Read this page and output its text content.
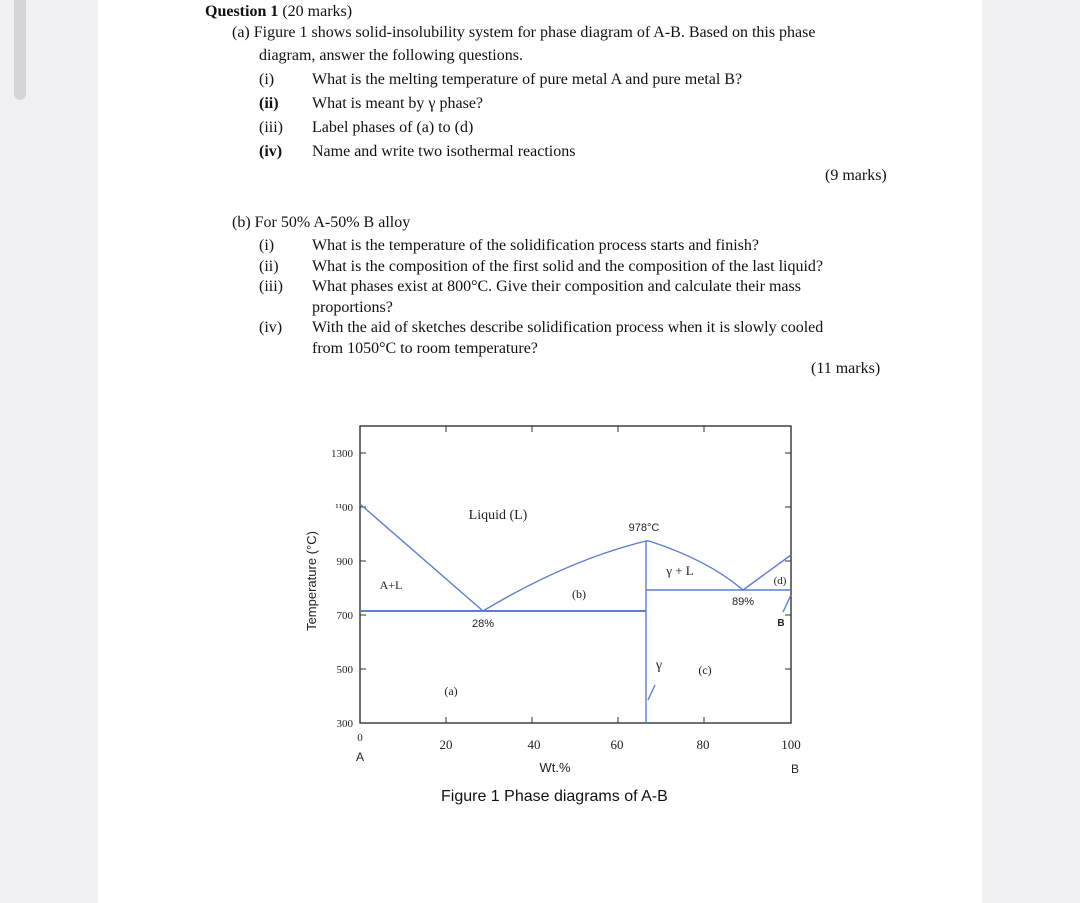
Question 1 (20 marks)
(a) Figure 1 shows solid-insolubility system for phase diagram of A-B. Based on this phase
diagram, answer the following questions.
(i) What is the melting temperature of pure metal A and pure metal B?
(ii) What is meant by γ phase?
(iii) Label phases of (a) to (d)
(iv) Name and write two isothermal reactions
(9 marks)
(b) For 50% A-50% B alloy
(i) What is the temperature of the solidification process starts and finish?
(ii) What is the composition of the first solid and the composition of the last liquid?
(iii) What phases exist at 800°C. Give their composition and calculate their mass
proportions?
(iv) With the aid of sketches describe solidification process when it is slowly cooled
from 1050°C to room temperature?
(11 marks)
1300
¹¹00
900
700
500
300
Temperature (°C)
0	20	40	60	80	100
A
B
Wt.%
Liquid (L)
978°C
γ + L
A+L
(b)
(d)
(c)
(a)
γ
28%
89%
B
Figure 1 Phase diagrams of A-B
